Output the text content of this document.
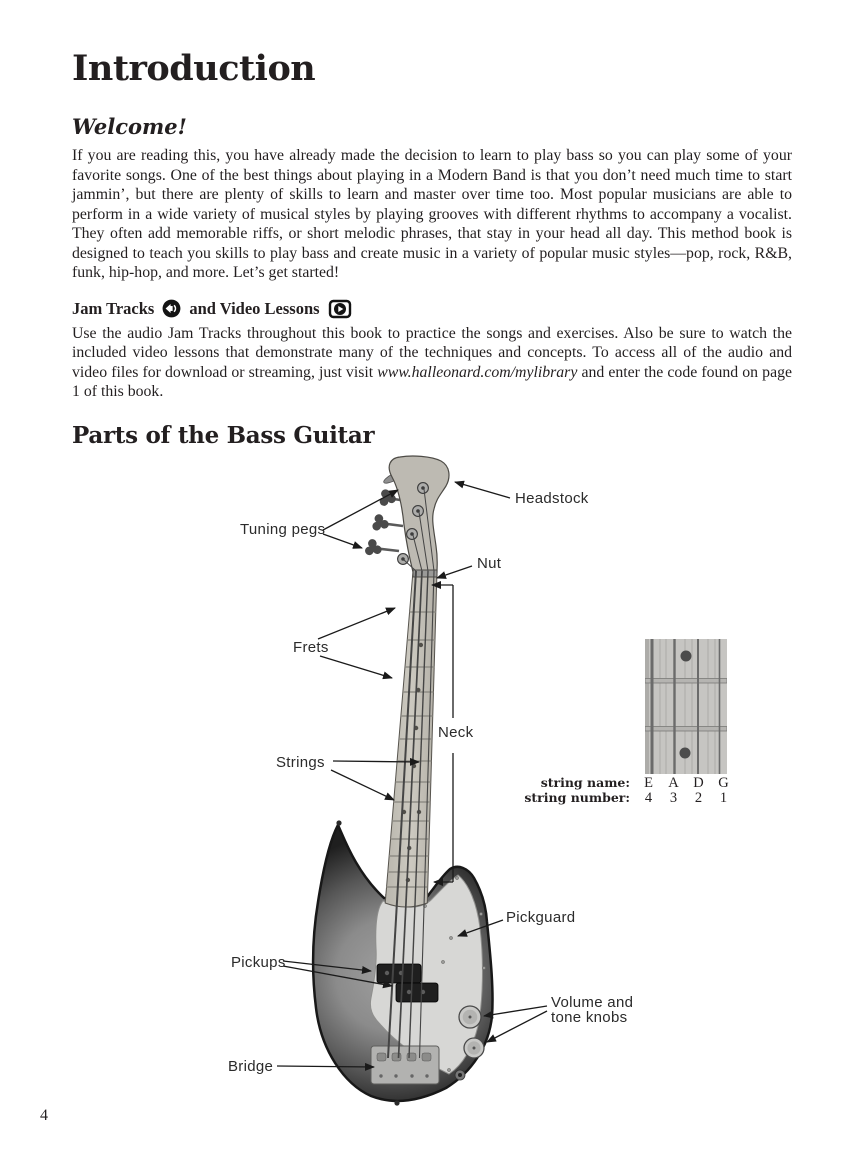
Introduction
Welcome!

If you are reading this, you have already made the decision to learn to play bass so you can play some of your favorite songs. One of the best things about playing in a Modern Band is that you don’t need much time to start jammin’, but there are plenty of skills to learn and master over time too. Most popular musicians are able to perform in a wide variety of musical styles by playing grooves with different rhythms to accompany a vocalist. They often add memorable riffs, or short melodic phrases, that stay in your head all day. This method book is designed to teach you skills to play bass and create music in a variety of popular music styles—pop, rock, R&B, funk, hip-hop, and more. Let’s get started!

Jam Tracks and Video Lessons

Use the audio Jam Tracks throughout this book to practice the songs and exercises. Also be sure to watch the included video lessons that demonstrate many of the techniques and concepts. To access all of the audio and video files for download or streaming, just visit www.halleonard.com/mylibrary and enter the code found on page 1 of this book.

Parts of the Bass Guitar
string name: E	A	D	G
string number:	4	3	2	1
Headstock
Tuning pegs
Nut
Frets
Neck
Strings
Pickguard
Pickups
Volume and
tone knobs
Bridge
4
